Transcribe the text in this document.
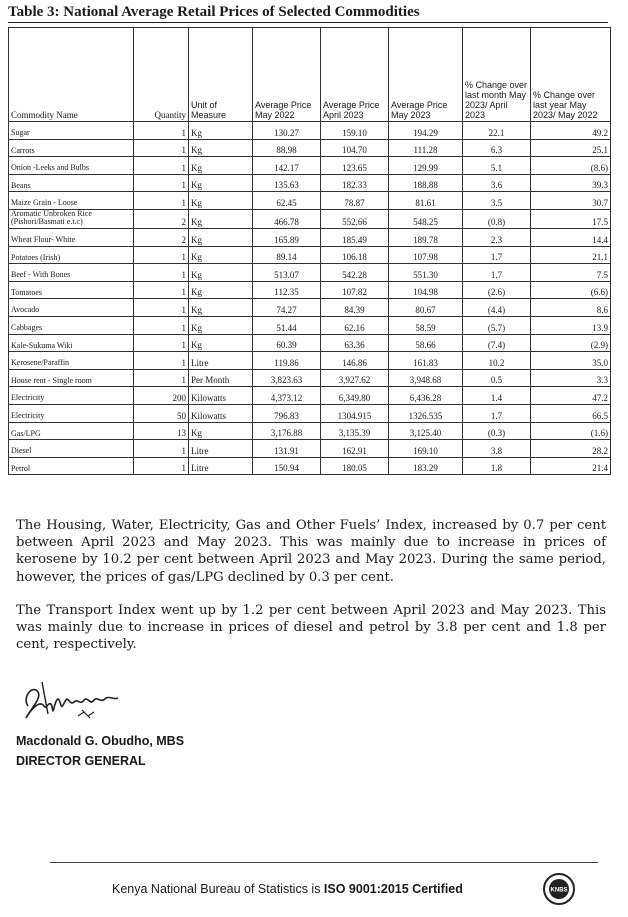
Table 3: National Average Retail Prices of Selected Commodities
Commodity Name	Quantity	Unit of Measure	Average Price May 2022	Average Price April 2023	Average Price May 2023	% Change over last month May 2023/ April 2023	% Change over last year May 2023/ May 2022
Sugar	1	Kg	130.27	159.10	194.29	22.1	49.2
Carrots	1	Kg	88.98	104.70	111.28	6.3	25.1
Onion -Leeks and Bulbs	1	Kg	142.17	123.65	129.99	5.1	(8.6)
Beans	1	Kg	135.63	182.33	188.88	3.6	39.3
Maize Grain - Loose	1	Kg	62.45	78.87	81.61	3.5	30.7
Aromatic Unbroken Rice (Pishori/Basmati e.t.c)	2	Kg	466.78	552.66	548.25	(0.8)	17.5
Wheat Flour- White	2	Kg	165.89	185.49	189.78	2.3	14.4
Potatoes (Irish)	1	Kg	89.14	106.18	107.98	1.7	21.1
Beef - With Bones	1	Kg	513.07	542.28	551.30	1.7	7.5
Tomatoes	1	Kg	112.35	107.82	104.98	(2.6)	(6.6)
Avocado	1	Kg	74.27	84.39	80.67	(4.4)	8.6
Cabbages	1	Kg	51.44	62.16	58.59	(5.7)	13.9
Kale-Sukuma Wiki	1	Kg	60.39	63.36	58.66	(7.4)	(2.9)
Kerosene/Paraffin	1	Litre	119.86	146.86	161.83	10.2	35.0
House rent - Single room	1	Per Month	3,823.63	3,927.62	3,948.68	0.5	3.3
Electricity	200	Kilowatts	4,373.12	6,349.80	6,436.28	1.4	47.2
Electricity	50	Kilowatts	796.83	1304.915	1326.535	1.7	66.5
Gas/LPG	13	Kg	3,176.88	3,135.39	3,125.40	(0.3)	(1.6)
Diesel	1	Litre	131.91	162.91	169.10	3.8	28.2
Petrol	1	Litre	150.94	180.05	183.29	1.8	21.4

The Housing, Water, Electricity, Gas and Other Fuels’ Index, increased by 0.7 per cent between April 2023 and May 2023. This was mainly due to increase in prices of kerosene by 10.2 per cent between April 2023 and May 2023. During the same period, however, the prices of gas/LPG declined by 0.3 per cent.

The Transport Index went up by 1.2 per cent between April 2023 and May 2023. This was mainly due to increase in prices of diesel and petrol by 3.8 per cent and 1.8 per cent, respectively.

Macdonald G. Obudho, MBS
DIRECTOR GENERAL
Kenya National Bureau of Statistics is ISO 9001:2015 Certified	KNBS
